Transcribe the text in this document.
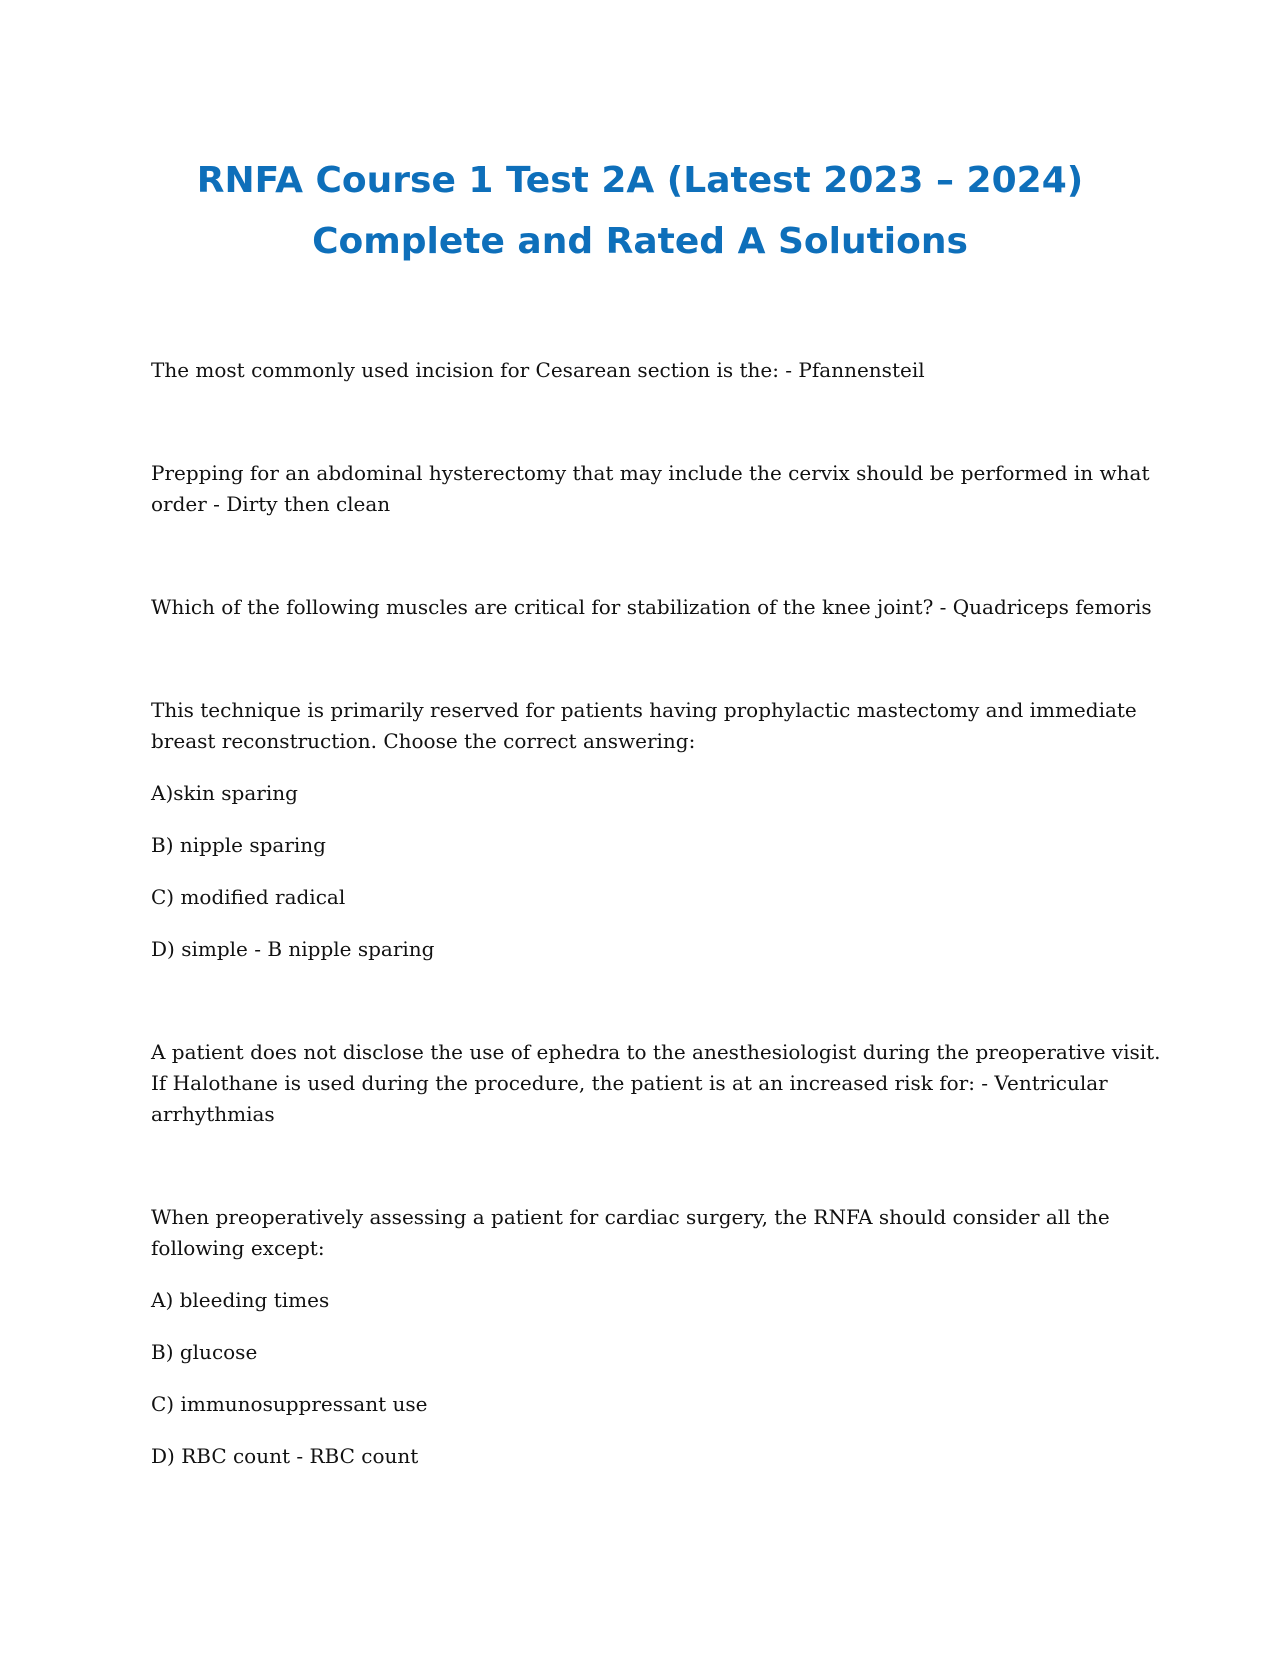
RNFA Course 1 Test 2A (Latest 2023 – 2024)
Complete and Rated A Solutions

The most commonly used incision for Cesarean section is the: - Pfannensteil

Prepping for an abdominal hysterectomy that may include the cervix should be performed in what

order - Dirty then clean

Which of the following muscles are critical for stabilization of the knee joint? - Quadriceps femoris

This technique is primarily reserved for patients having prophylactic mastectomy and immediate

breast reconstruction. Choose the correct answering:

A)skin sparing

B) nipple sparing

C) modified radical

D) simple - B nipple sparing

A patient does not disclose the use of ephedra to the anesthesiologist during the preoperative visit.

If Halothane is used during the procedure, the patient is at an increased risk for: - Ventricular

arrhythmias

When preoperatively assessing a patient for cardiac surgery, the RNFA should consider all the

following except:

A) bleeding times

B) glucose

C) immunosuppressant use

D) RBC count - RBC count
